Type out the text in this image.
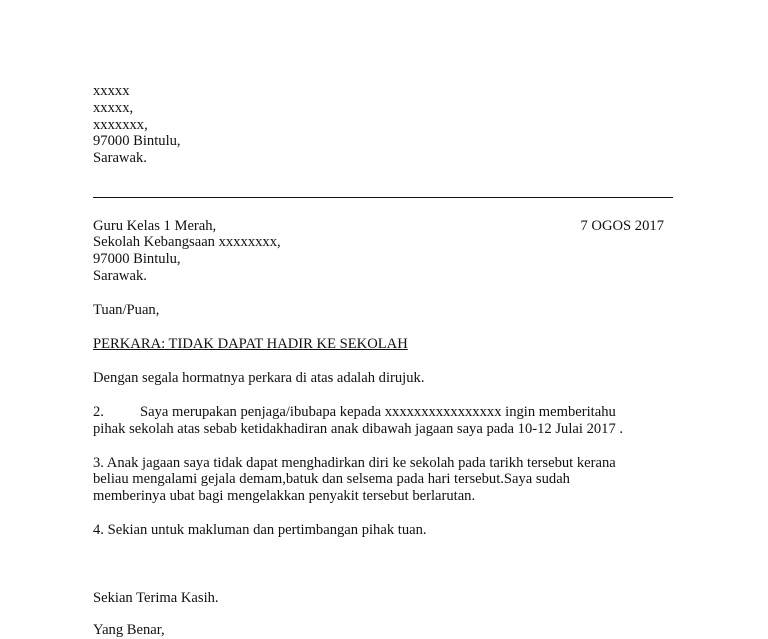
xxxxx
xxxxx,
xxxxxxx,
97000 Bintulu,
Sarawak.
Guru Kelas 1 Merah,	7 OGOS 2017
Sekolah Kebangsaan xxxxxxxx,
97000 Bintulu,
Sarawak.
Tuan/Puan,
PERKARA: TIDAK DAPAT HADIR KE SEKOLAH
Dengan segala hormatnya perkara di atas adalah dirujuk.
2. Saya merupakan penjaga/ibubapa kepada xxxxxxxxxxxxxxxx ingin memberitahu
pihak sekolah atas sebab ketidakhadiran anak dibawah jagaan saya pada 10-12 Julai 2017 .
3. Anak jagaan saya tidak dapat menghadirkan diri ke sekolah pada tarikh tersebut kerana
beliau mengalami gejala demam,batuk dan selsema pada hari tersebut.Saya sudah
memberinya ubat bagi mengelakkan penyakit tersebut berlarutan.
4. Sekian untuk makluman dan pertimbangan pihak tuan.
Sekian Terima Kasih.
Yang Benar,
